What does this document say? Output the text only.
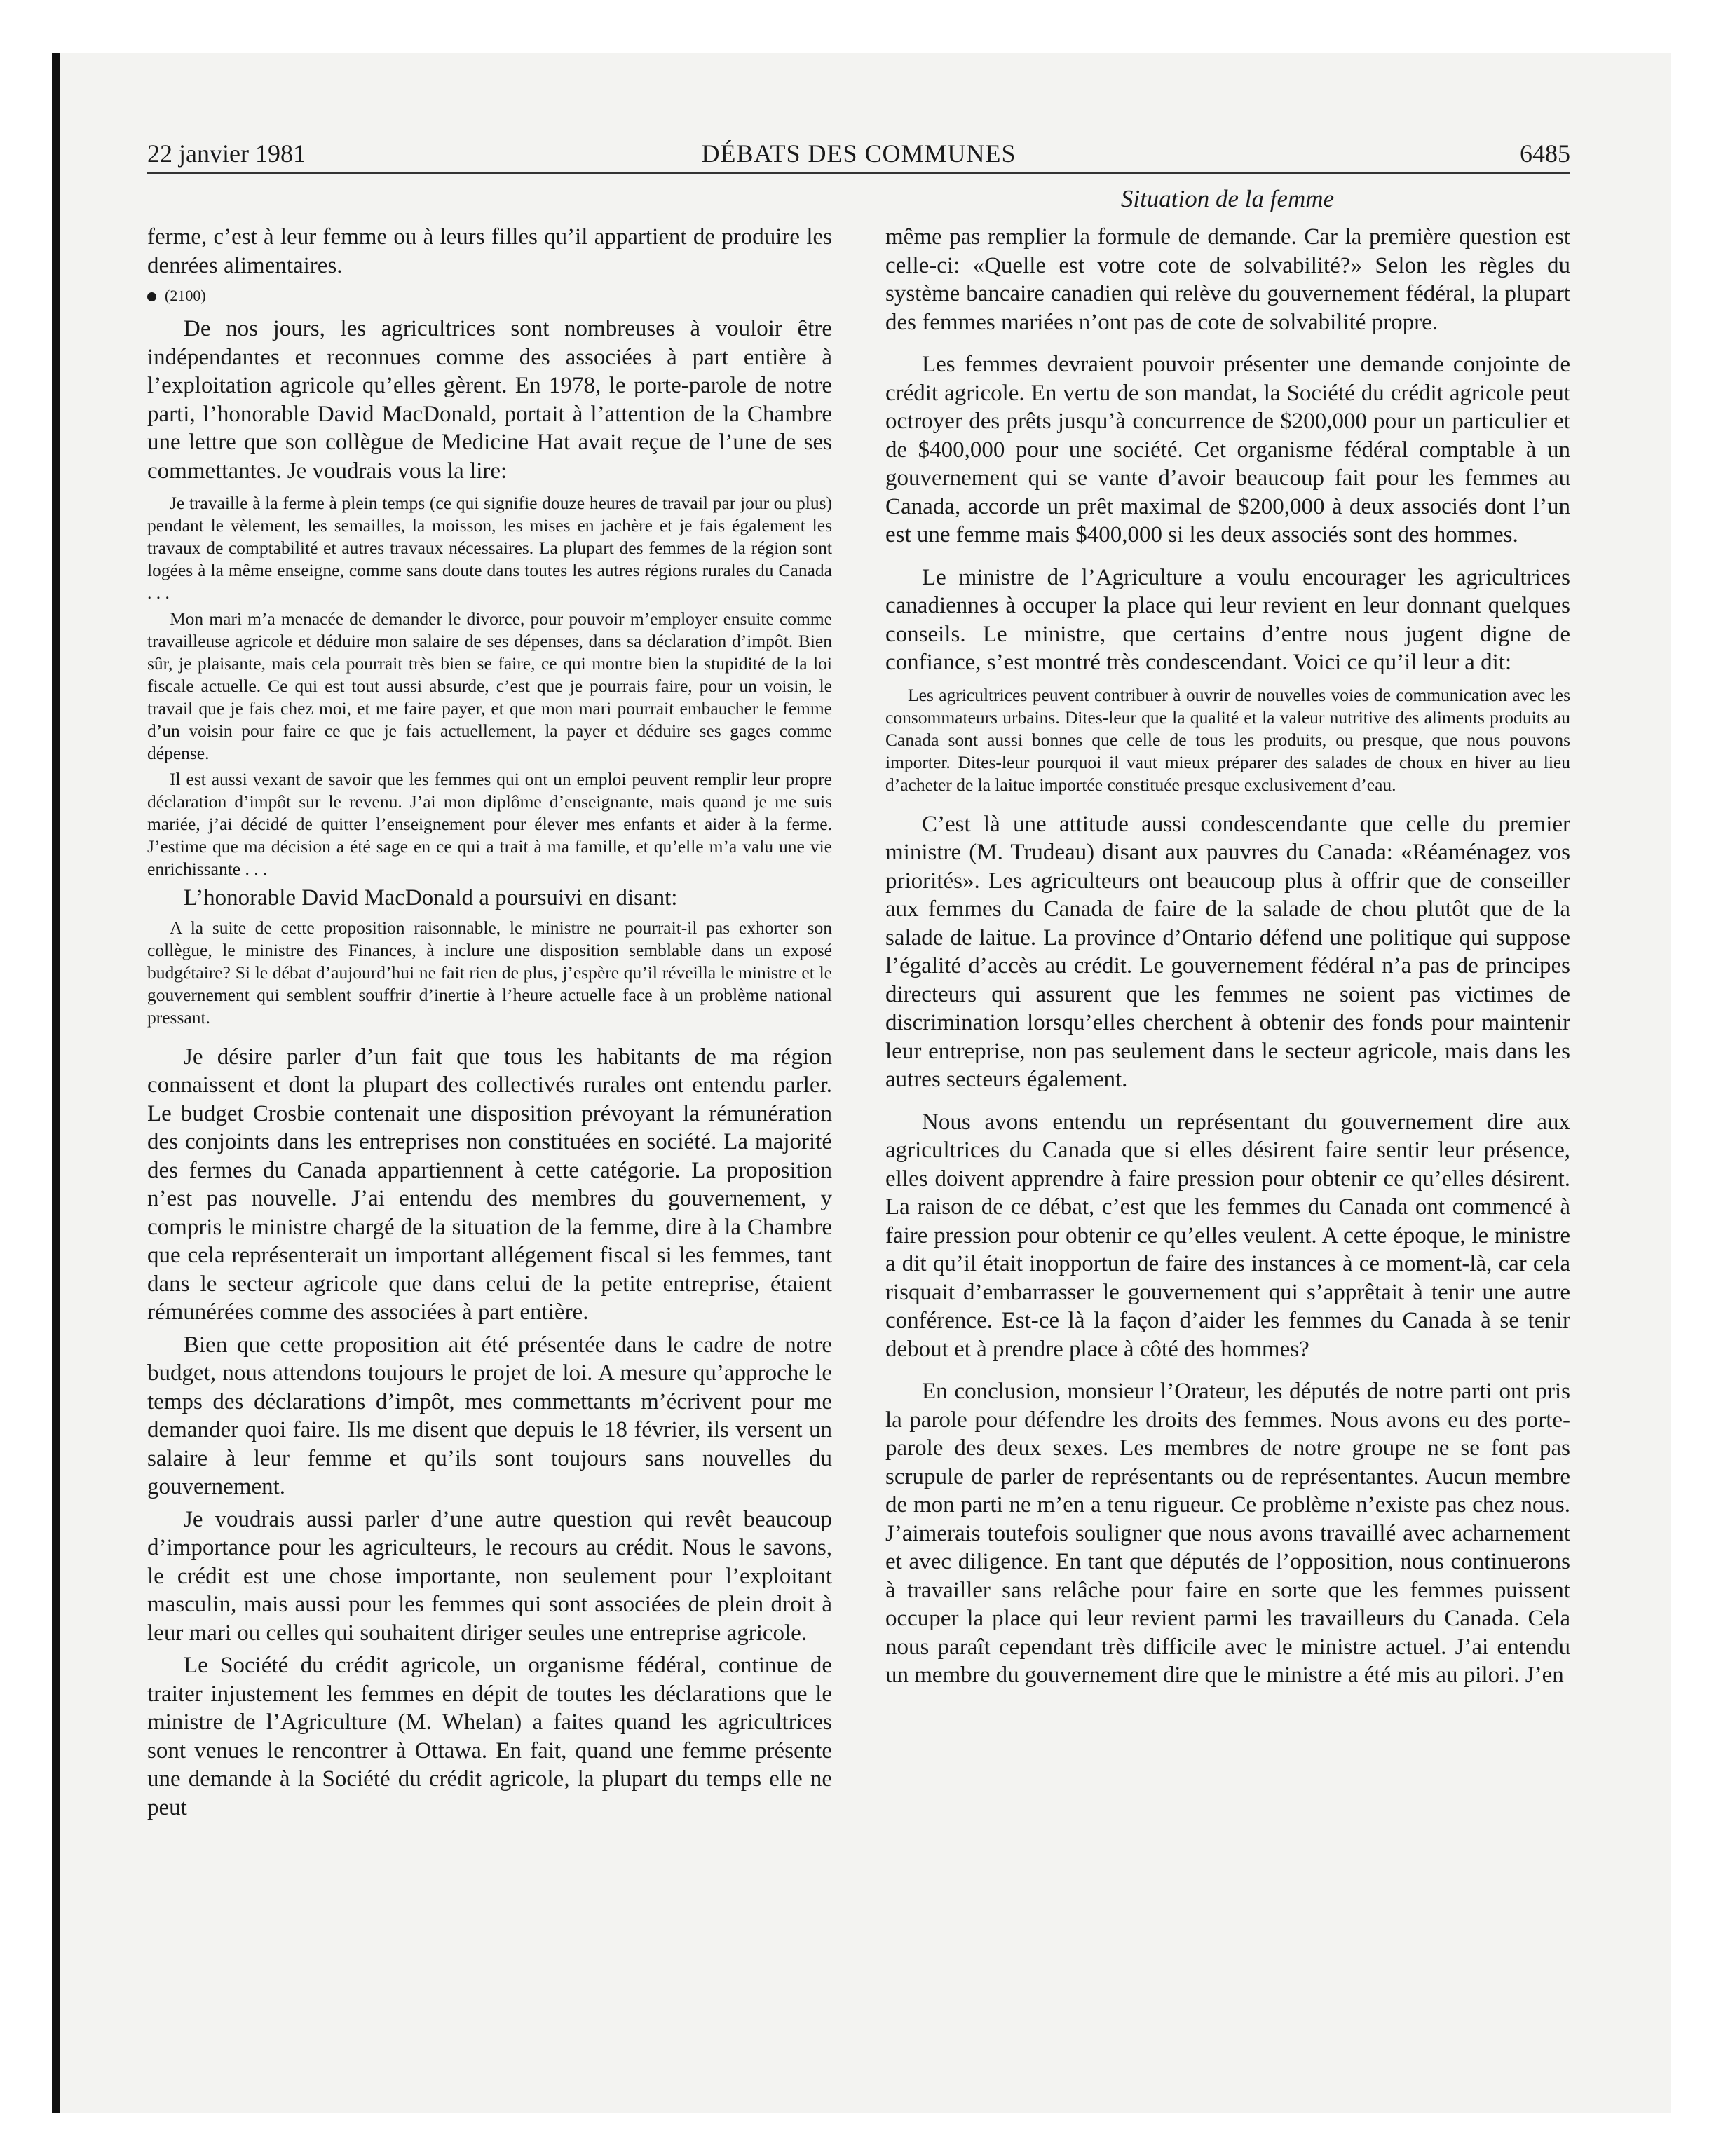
22 janvier 1981	DÉBATS DES COMMUNES	6485
Situation de la femme

ferme, c’est à leur femme ou à leurs filles qu’il appartient de produire les denrées alimentaires.

(2100)

De nos jours, les agricultrices sont nombreuses à vouloir être indépendantes et reconnues comme des associées à part entière à l’exploitation agricole qu’elles gèrent. En 1978, le porte-parole de notre parti, l’honorable David MacDonald, portait à l’attention de la Chambre une lettre que son collègue de Medicine Hat avait reçue de l’une de ses commettantes. Je voudrais vous la lire:

Je travaille à la ferme à plein temps (ce qui signifie douze heures de travail par jour ou plus) pendant le vèlement, les semailles, la moisson, les mises en jachère et je fais également les travaux de comptabilité et autres travaux nécessaires. La plupart des femmes de la région sont logées à la même enseigne, comme sans doute dans toutes les autres régions rurales du Canada . . .

Mon mari m’a menacée de demander le divorce, pour pouvoir m’employer ensuite comme travailleuse agricole et déduire mon salaire de ses dépenses, dans sa déclaration d’impôt. Bien sûr, je plaisante, mais cela pourrait très bien se faire, ce qui montre bien la stupidité de la loi fiscale actuelle. Ce qui est tout aussi absurde, c’est que je pourrais faire, pour un voisin, le travail que je fais chez moi, et me faire payer, et que mon mari pourrait embaucher le femme d’un voisin pour faire ce que je fais actuellement, la payer et déduire ses gages comme dépense.

Il est aussi vexant de savoir que les femmes qui ont un emploi peuvent remplir leur propre déclaration d’impôt sur le revenu. J’ai mon diplôme d’enseignante, mais quand je me suis mariée, j’ai décidé de quitter l’enseignement pour élever mes enfants et aider à la ferme. J’estime que ma décision a été sage en ce qui a trait à ma famille, et qu’elle m’a valu une vie enrichissante . . .

L’honorable David MacDonald a poursuivi en disant:

A la suite de cette proposition raisonnable, le ministre ne pourrait-il pas exhorter son collègue, le ministre des Finances, à inclure une disposition semblable dans un exposé budgétaire? Si le débat d’aujourd’hui ne fait rien de plus, j’espère qu’il réveilla le ministre et le gouvernement qui semblent souffrir d’inertie à l’heure actuelle face à un problème national pressant.

Je désire parler d’un fait que tous les habitants de ma région connaissent et dont la plupart des collectivés rurales ont entendu parler. Le budget Crosbie contenait une disposition prévoyant la rémunération des conjoints dans les entreprises non constituées en société. La majorité des fermes du Canada appartiennent à cette catégorie. La proposition n’est pas nouvelle. J’ai entendu des membres du gouvernement, y compris le ministre chargé de la situation de la femme, dire à la Chambre que cela représenterait un important allégement fiscal si les femmes, tant dans le secteur agricole que dans celui de la petite entreprise, étaient rémunérées comme des associées à part entière.

Bien que cette proposition ait été présentée dans le cadre de notre budget, nous attendons toujours le projet de loi. A mesure qu’approche le temps des déclarations d’impôt, mes commettants m’écrivent pour me demander quoi faire. Ils me disent que depuis le 18 février, ils versent un salaire à leur femme et qu’ils sont toujours sans nouvelles du gouvernement.

Je voudrais aussi parler d’une autre question qui revêt beaucoup d’importance pour les agriculteurs, le recours au crédit. Nous le savons, le crédit est une chose importante, non seulement pour l’exploitant masculin, mais aussi pour les femmes qui sont associées de plein droit à leur mari ou celles qui souhaitent diriger seules une entreprise agricole.

Le Société du crédit agricole, un organisme fédéral, continue de traiter injustement les femmes en dépit de toutes les déclarations que le ministre de l’Agriculture (M. Whelan) a faites quand les agricultrices sont venues le rencontrer à Ottawa. En fait, quand une femme présente une demande à la Société du crédit agricole, la plupart du temps elle ne peut

même pas remplier la formule de demande. Car la première question est celle-ci: «Quelle est votre cote de solvabilité?» Selon les règles du système bancaire canadien qui relève du gouvernement fédéral, la plupart des femmes mariées n’ont pas de cote de solvabilité propre.

Les femmes devraient pouvoir présenter une demande conjointe de crédit agricole. En vertu de son mandat, la Société du crédit agricole peut octroyer des prêts jusqu’à concurrence de $200,000 pour un particulier et de $400,000 pour une société. Cet organisme fédéral comptable à un gouvernement qui se vante d’avoir beaucoup fait pour les femmes au Canada, accorde un prêt maximal de $200,000 à deux associés dont l’un est une femme mais $400,000 si les deux associés sont des hommes.

Le ministre de l’Agriculture a voulu encourager les agricultrices canadiennes à occuper la place qui leur revient en leur donnant quelques conseils. Le ministre, que certains d’entre nous jugent digne de confiance, s’est montré très condescendant. Voici ce qu’il leur a dit:

Les agricultrices peuvent contribuer à ouvrir de nouvelles voies de communication avec les consommateurs urbains. Dites-leur que la qualité et la valeur nutritive des aliments produits au Canada sont aussi bonnes que celle de tous les produits, ou presque, que nous pouvons importer. Dites-leur pourquoi il vaut mieux préparer des salades de choux en hiver au lieu d’acheter de la laitue importée constituée presque exclusivement d’eau.

C’est là une attitude aussi condescendante que celle du premier ministre (M. Trudeau) disant aux pauvres du Canada: «Réaménagez vos priorités». Les agriculteurs ont beaucoup plus à offrir que de conseiller aux femmes du Canada de faire de la salade de chou plutôt que de la salade de laitue. La province d’Ontario défend une politique qui suppose l’égalité d’accès au crédit. Le gouvernement fédéral n’a pas de principes directeurs qui assurent que les femmes ne soient pas victimes de discrimination lorsqu’elles cherchent à obtenir des fonds pour maintenir leur entreprise, non pas seulement dans le secteur agricole, mais dans les autres secteurs également.

Nous avons entendu un représentant du gouvernement dire aux agricultrices du Canada que si elles désirent faire sentir leur présence, elles doivent apprendre à faire pression pour obtenir ce qu’elles désirent. La raison de ce débat, c’est que les femmes du Canada ont commencé à faire pression pour obtenir ce qu’elles veulent. A cette époque, le ministre a dit qu’il était inopportun de faire des instances à ce moment-là, car cela risquait d’embarrasser le gouvernement qui s’apprêtait à tenir une autre conférence. Est-ce là la façon d’aider les femmes du Canada à se tenir debout et à prendre place à côté des hommes?

En conclusion, monsieur l’Orateur, les députés de notre parti ont pris la parole pour défendre les droits des femmes. Nous avons eu des porte-parole des deux sexes. Les membres de notre groupe ne se font pas scrupule de parler de représentants ou de représentantes. Aucun membre de mon parti ne m’en a tenu rigueur. Ce problème n’existe pas chez nous. J’aimerais toutefois souligner que nous avons travaillé avec acharnement et avec diligence. En tant que députés de l’opposition, nous continuerons à travailler sans relâche pour faire en sorte que les femmes puissent occuper la place qui leur revient parmi les travailleurs du Canada. Cela nous paraît cependant très difficile avec le ministre actuel. J’ai entendu un membre du gouvernement dire que le ministre a été mis au pilori. J’en
